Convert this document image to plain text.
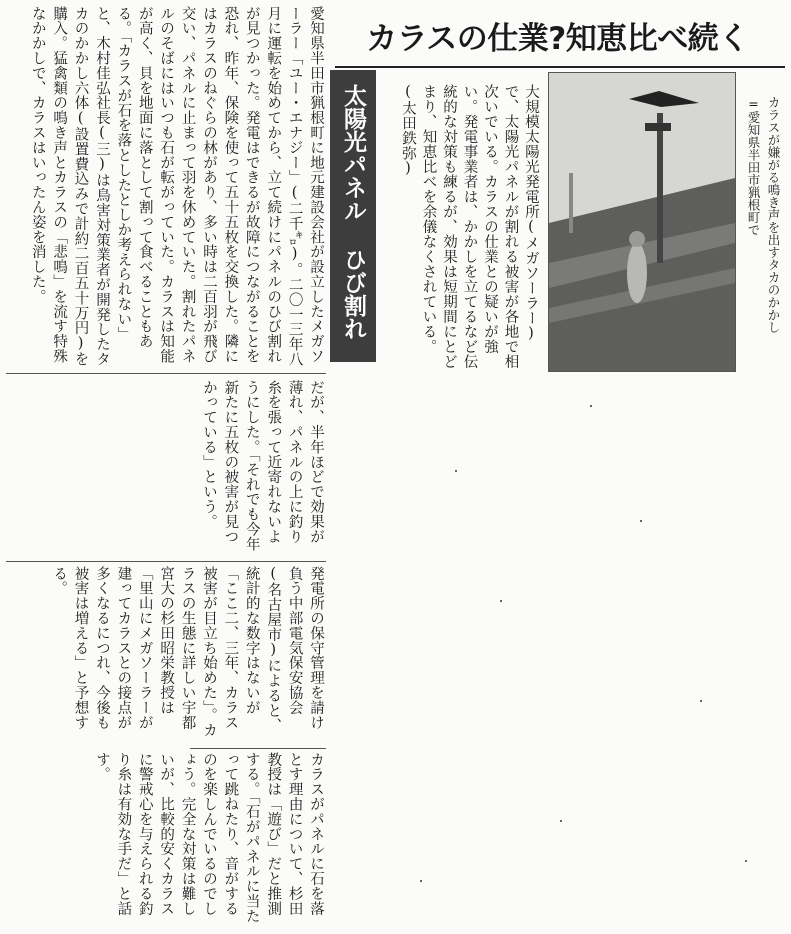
カラスの仕業?知恵比べ続く
太陽光パネル ひび割れ	大規模太陽光発電所(メガソーラー)で、太陽光パネルが割れる被害が各地で相次いでいる。カラスの仕業との疑いが強い。発電事業者は、かかしを立てるなど伝統的な対策も練るが、効果は短期間にとどまり、知恵比べを余儀なくされている。(太田鉄弥)	カラスが嫌がる鳴き声を出すタカのかかし=愛知県半田市猟根町で
愛知県半田市猟根町に地元建設会社が設立したメガソーラー「ユー・エナジー」(二千㌔)。二〇一三年八月に運転を始めてから、立て続けにパネルのひび割れが見つかった。発電はできるが故障につながることを恐れ、昨年、保険を使って五十五枚を交換した。隣にはカラスのねぐらの林があり、多い時は二百羽が飛び交い、パネルに止まって羽を休めていた。割れたパネルのそばにはいつも石が転がっていた。カラスは知能が高く、貝を地面に落として割って食べることもある。「カラスが石を落としたとしか考えられない」と、木村佳弘社長(三)は鳥害対策業者が開発したタカのかかし六体(設置費込みで計約二百五十万円)を購入。猛禽類の鳴き声とカラスの「悲鳴」を流す特殊なかかしで、カラスはいったん姿を消した。
だが、半年ほどで効果が薄れ、パネルの上に釣り糸を張って近寄れないようにした。「それでも今年新たに五枚の被害が見つかっている」という。
発電所の保守管理を請け負う中部電気保安協会(名古屋市)によると、統計的な数字はないが「ここ二、三年、カラス被害が目立ち始めた」。カラスの生態に詳しい宇都宮大の杉田昭栄教授は「里山にメガソーラーが建ってカラスとの接点が多くなるにつれ、今後も被害は増える」と予想する。
カラスがパネルに石を落とす理由について、杉田教授は「遊び」だと推測する。「石がパネルに当たって跳ねたり、音がするのを楽しんでいるのでしょう。完全な対策は難しいが、比較的安くカラスに警戒心を与えられる釣り糸は有効な手だ」と話す。
